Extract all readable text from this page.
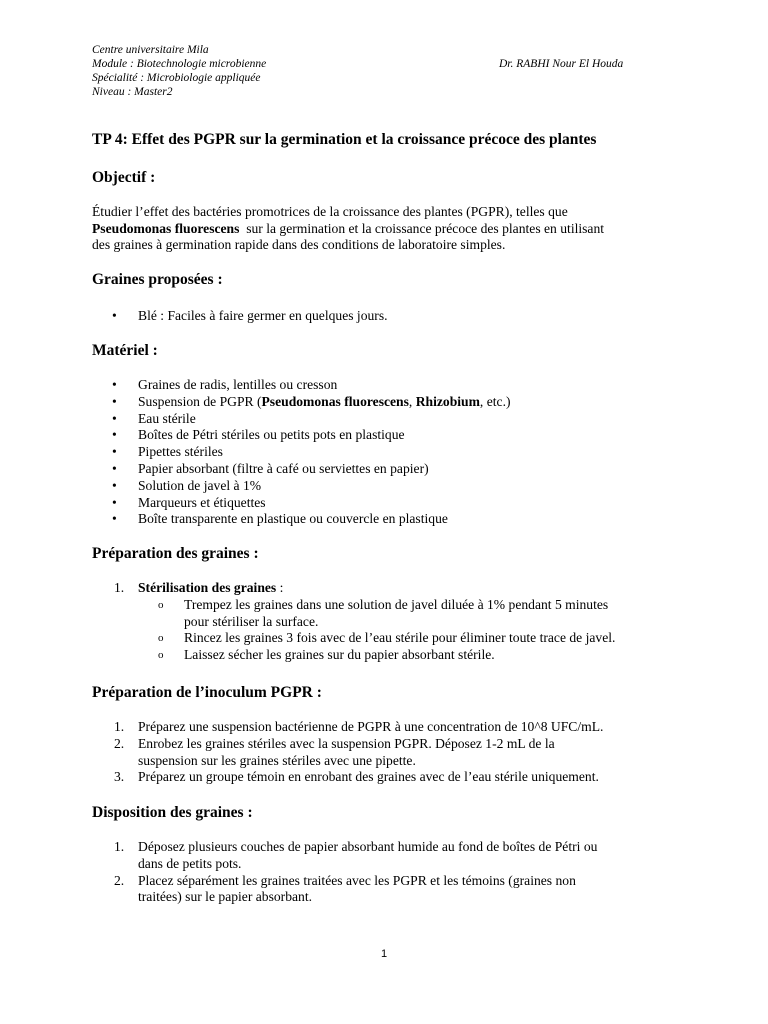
Centre universitaire Mila
Module : Biotechnologie microbienne
Spécialité : Microbiologie appliquée
Niveau : Master2
Dr. RABHI Nour El Houda
TP 4: Effet des PGPR sur la germination et la croissance précoce des plantes
Objectif :
Étudier l’effet des bactéries promotrices de la croissance des plantes (PGPR), telles que
Pseudomonas fluorescens  sur la germination et la croissance précoce des plantes en utilisant
des graines à germination rapide dans des conditions de laboratoire simples.
Graines proposées :
• Blé : Faciles à faire germer en quelques jours.
Matériel :
• Graines de radis, lentilles ou cresson
• Suspension de PGPR (Pseudomonas fluorescens, Rhizobium, etc.)
• Eau stérile
• Boîtes de Pétri stériles ou petits pots en plastique
• Pipettes stériles
• Papier absorbant (filtre à café ou serviettes en papier)
• Solution de javel à 1%
• Marqueurs et étiquettes
• Boîte transparente en plastique ou couvercle en plastique
Préparation des graines :
1. Stérilisation des graines :
o Trempez les graines dans une solution de javel diluée à 1% pendant 5 minutes
pour stériliser la surface.
o Rincez les graines 3 fois avec de l’eau stérile pour éliminer toute trace de javel.
o Laissez sécher les graines sur du papier absorbant stérile.
Préparation de l’inoculum PGPR :
1. Préparez une suspension bactérienne de PGPR à une concentration de 10^8 UFC/mL.
2. Enrobez les graines stériles avec la suspension PGPR. Déposez 1-2 mL de la
suspension sur les graines stériles avec une pipette.
3. Préparez un groupe témoin en enrobant des graines avec de l’eau stérile uniquement.
Disposition des graines :
1. Déposez plusieurs couches de papier absorbant humide au fond de boîtes de Pétri ou
dans de petits pots.
2. Placez séparément les graines traitées avec les PGPR et les témoins (graines non
traitées) sur le papier absorbant.
1
